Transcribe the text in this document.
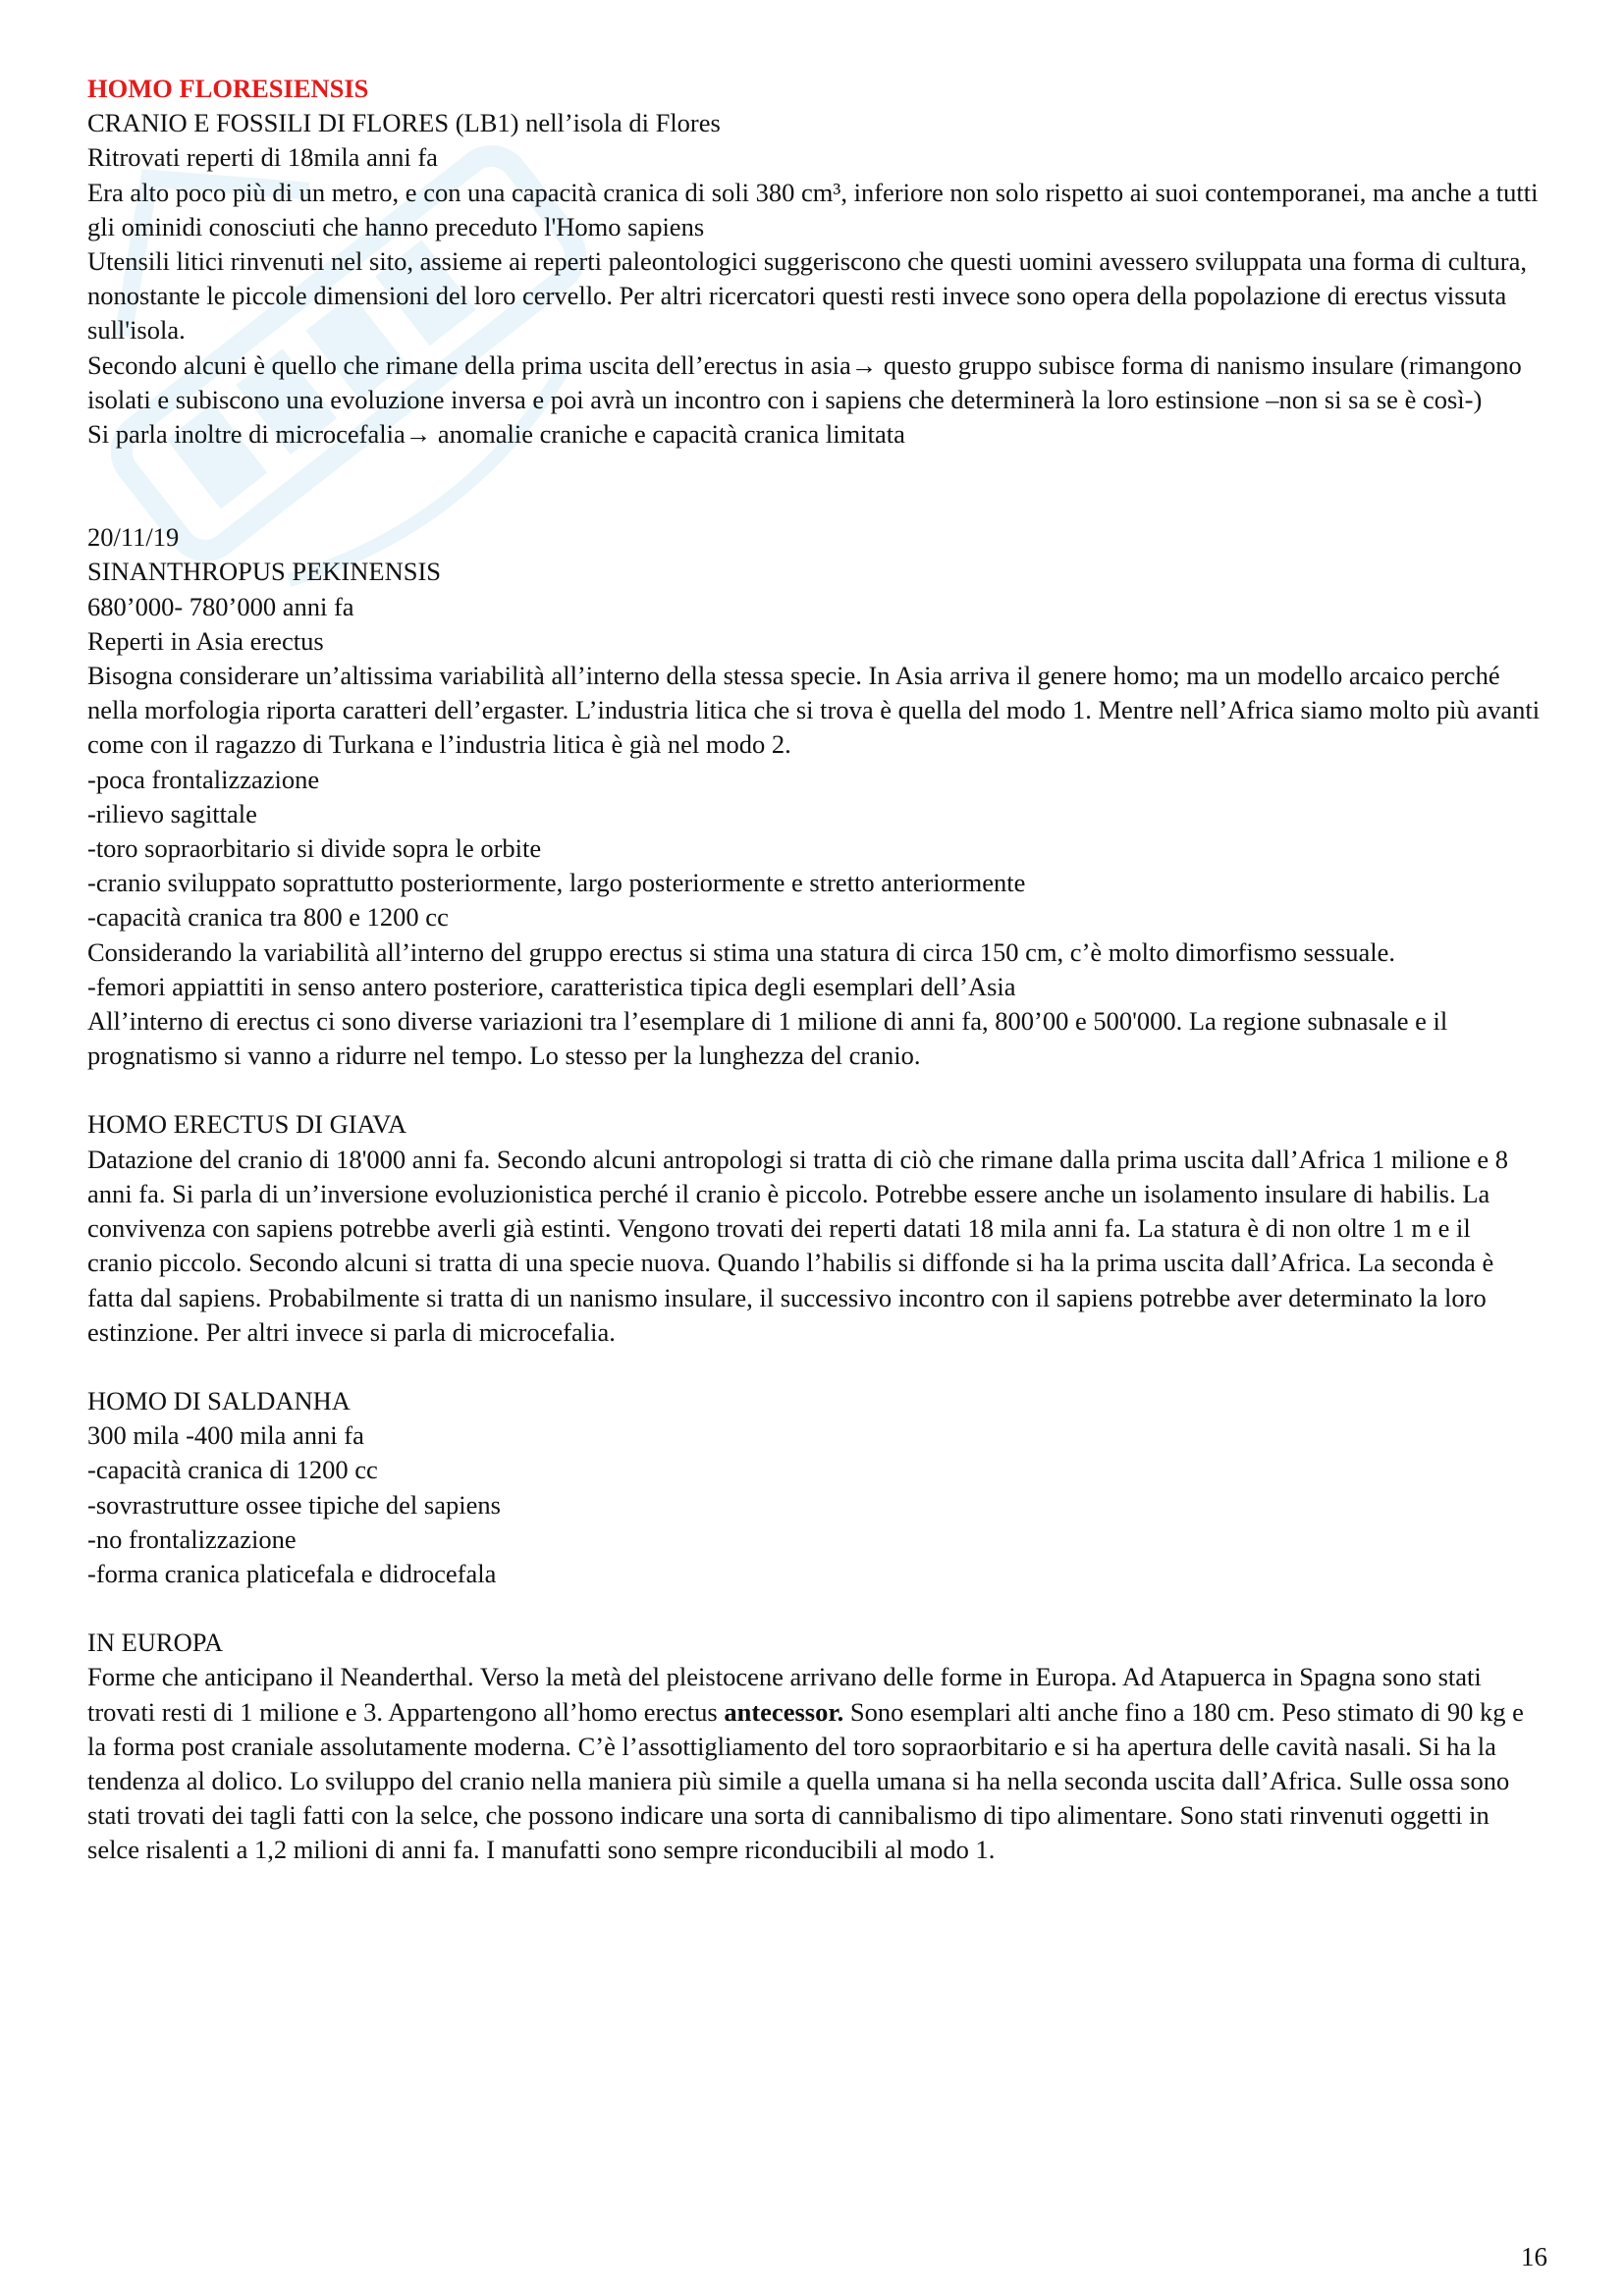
HOMO FLORESIENSIS

CRANIO E FOSSILI DI FLORES (LB1) nell’isola di Flores

Ritrovati reperti di 18mila anni fa

Era alto poco più di un metro, e con una capacità cranica di soli 380 cm³, inferiore non solo rispetto ai suoi contemporanei, ma anche a tutti gli ominidi conosciuti che hanno preceduto l'Homo sapiens

Utensili litici rinvenuti nel sito, assieme ai reperti paleontologici suggeriscono che questi uomini avessero sviluppata una forma di cultura, nonostante le piccole dimensioni del loro cervello. Per altri ricercatori questi resti invece sono opera della popolazione di erectus vissuta sull'isola.

Secondo alcuni è quello che rimane della prima uscita dell’erectus in asia→ questo gruppo subisce forma di nanismo insulare (rimangono isolati e subiscono una evoluzione inversa e poi avrà un incontro con i sapiens che determinerà la loro estinsione –non si sa se è così-)

Si parla inoltre di microcefalia→ anomalie craniche e capacità cranica limitata

20/11/19

SINANTHROPUS PEKINENSIS

680’000- 780’000 anni fa

Reperti in Asia erectus

Bisogna considerare un’altissima variabilità all’interno della stessa specie. In Asia arriva il genere homo; ma un modello arcaico perché nella morfologia riporta caratteri dell’ergaster. L’industria litica che si trova è quella del modo 1. Mentre nell’Africa siamo molto più avanti come con il ragazzo di Turkana e l’industria litica è già nel modo 2.

-poca frontalizzazione

-rilievo sagittale

-toro sopraorbitario si divide sopra le orbite

-cranio sviluppato soprattutto posteriormente, largo posteriormente e stretto anteriormente

-capacità cranica tra 800 e 1200 cc

Considerando la variabilità all’interno del gruppo erectus si stima una statura di circa 150 cm, c’è molto dimorfismo sessuale.

-femori appiattiti in senso antero posteriore, caratteristica tipica degli esemplari dell’Asia

All’interno di erectus ci sono diverse variazioni tra l’esemplare di 1 milione di anni fa, 800’00 e 500'000. La regione subnasale e il prognatismo si vanno a ridurre nel tempo. Lo stesso per la lunghezza del cranio.

HOMO ERECTUS DI GIAVA

Datazione del cranio di 18'000 anni fa. Secondo alcuni antropologi si tratta di ciò che rimane dalla prima uscita dall’Africa 1 milione e 8 anni fa. Si parla di un’inversione evoluzionistica perché il cranio è piccolo. Potrebbe essere anche un isolamento insulare di habilis. La convivenza con sapiens potrebbe averli già estinti. Vengono trovati dei reperti datati 18 mila anni fa. La statura è di non oltre 1 m e il cranio piccolo. Secondo alcuni si tratta di una specie nuova. Quando l’habilis si diffonde si ha la prima uscita dall’Africa. La seconda è fatta dal sapiens. Probabilmente si tratta di un nanismo insulare, il successivo incontro con il sapiens potrebbe aver determinato la loro estinzione. Per altri invece si parla di microcefalia.

HOMO DI SALDANHA

300 mila -400 mila anni fa

-capacità cranica di 1200 cc

-sovrastrutture ossee tipiche del sapiens

-no frontalizzazione

-forma cranica platicefala e didrocefala

IN EUROPA

Forme che anticipano il Neanderthal. Verso la metà del pleistocene arrivano delle forme in Europa. Ad Atapuerca in Spagna sono stati trovati resti di 1 milione e 3. Appartengono all’homo erectus antecessor. Sono esemplari alti anche fino a 180 cm. Peso stimato di 90 kg e la forma post craniale assolutamente moderna. C’è l’assottigliamento del toro sopraorbitario e si ha apertura delle cavità nasali. Si ha la tendenza al dolico. Lo sviluppo del cranio nella maniera più simile a quella umana si ha nella seconda uscita dall’Africa. Sulle ossa sono stati trovati dei tagli fatti con la selce, che possono indicare una sorta di cannibalismo di tipo alimentare. Sono stati rinvenuti oggetti in selce risalenti a 1,2 milioni di anni fa. I manufatti sono sempre riconducibili al modo 1.

16
